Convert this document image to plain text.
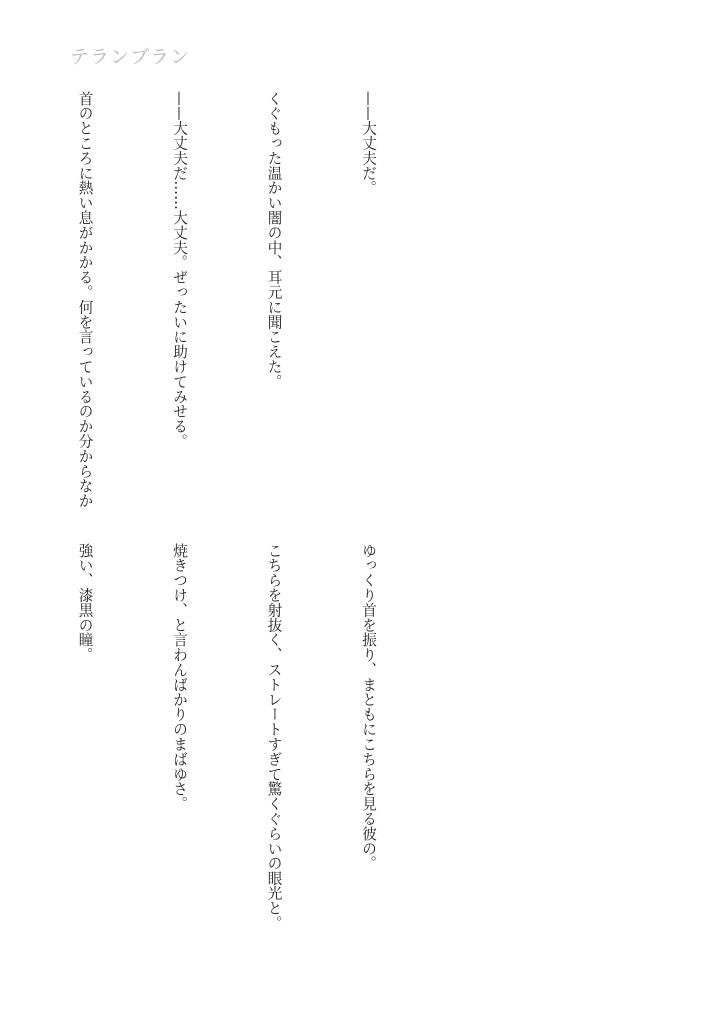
テランブラン

——大丈夫だ。

くぐもった温かい闇の中、耳元に聞こえた。

——大丈夫だ……大丈夫。ぜったいに助けてみせる。

首のところに熱い息がかかる。何を言っているのか分からなか

ゆっくり首を振り、まともにこちらを見る彼の。

こちらを射抜く、ストレートすぎて驚くぐらいの眼光と。

焼きつけ、と言わんばかりのまばゆさ。

強い、漆黒の瞳。
